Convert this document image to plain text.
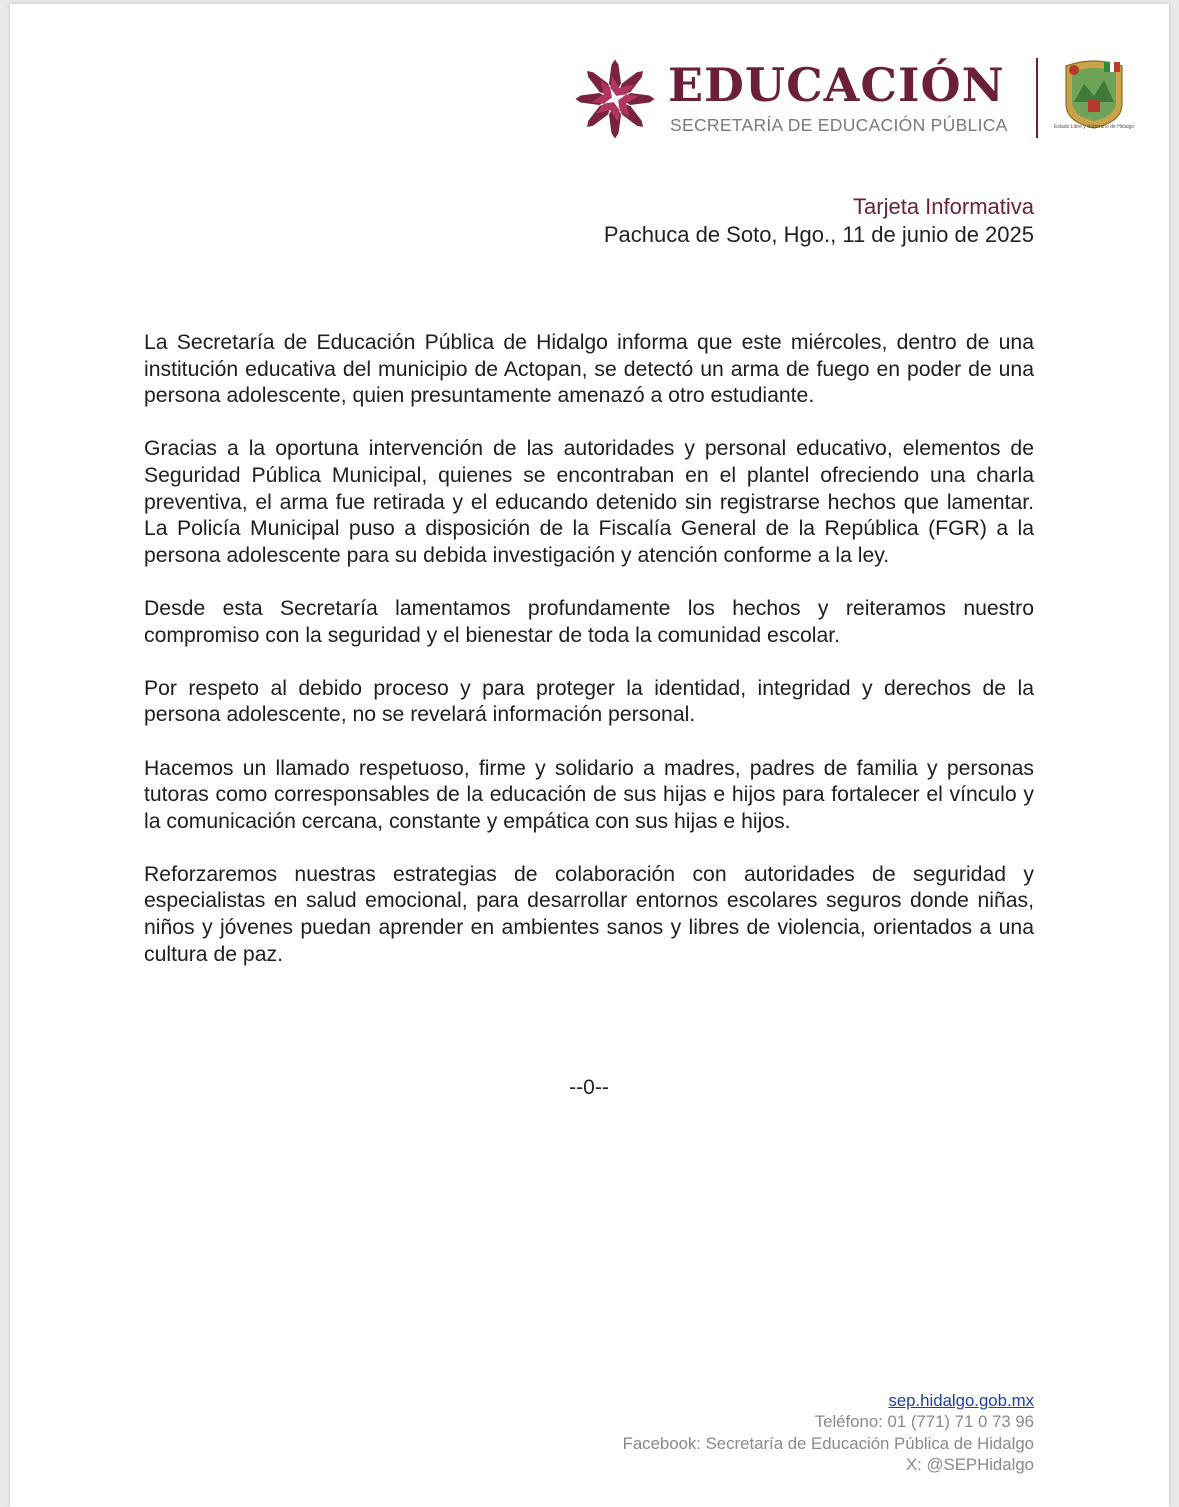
EDUCACIÓN
SECRETARÍA DE EDUCACIÓN PÚBLICA	Estado Libre y Soberano de Hidalgo
Tarjeta Informativa
Pachuca de Soto, Hgo., 11 de junio de 2025

La Secretaría de Educación Pública de Hidalgo informa que este miércoles, dentro de una institución educativa del municipio de Actopan, se detectó un arma de fuego en poder de una persona adolescente, quien presuntamente amenazó a otro estudiante.

Gracias a la oportuna intervención de las autoridades y personal educativo, elementos de Seguridad Pública Municipal, quienes se encontraban en el plantel ofreciendo una charla preventiva, el arma fue retirada y el educando detenido sin registrarse hechos que lamentar. La Policía Municipal puso a disposición de la Fiscalía General de la República (FGR) a la persona adolescente para su debida investigación y atención conforme a la ley.

Desde esta Secretaría lamentamos profundamente los hechos y reiteramos nuestro compromiso con la seguridad y el bienestar de toda la comunidad escolar.

Por respeto al debido proceso y para proteger la identidad, integridad y derechos de la persona adolescente, no se revelará información personal.

Hacemos un llamado respetuoso, firme y solidario a madres, padres de familia y personas tutoras como corresponsables de la educación de sus hijas e hijos para fortalecer el vínculo y la comunicación cercana, constante y empática con sus hijas e hijos.

Reforzaremos nuestras estrategias de colaboración con autoridades de seguridad y especialistas en salud emocional, para desarrollar entornos escolares seguros donde niñas, niños y jóvenes puedan aprender en ambientes sanos y libres de violencia, orientados a una cultura de paz.

--0--
sep.hidalgo.gob.mx
Teléfono: 01 (771) 71 0 73 96
Facebook: Secretaría de Educación Pública de Hidalgo
X: @SEPHidalgo
